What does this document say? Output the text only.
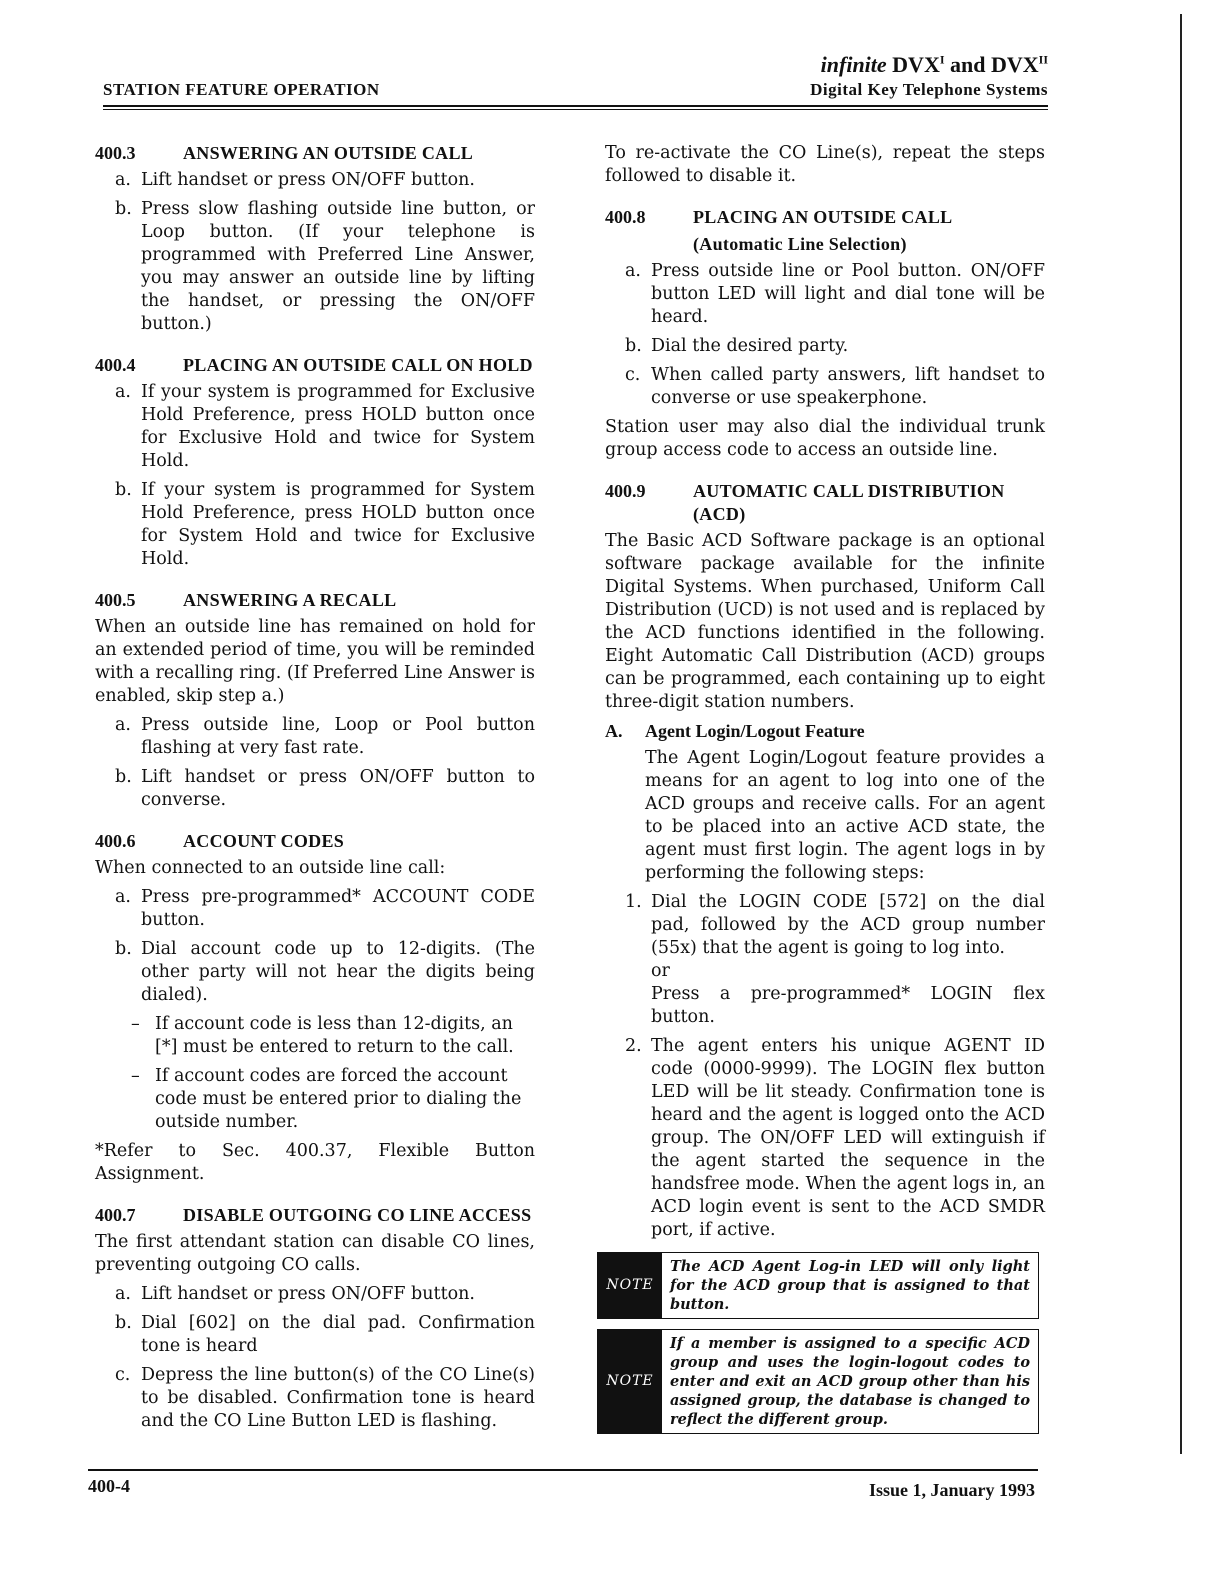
STATION FEATURE OPERATION
infinite $DVX^I$ and $DVX^{II}$
Digital Key Telephone Systems
400.3	ANSWERING AN OUTSIDE CALL
a. Lift handset or press ON/OFF button.
b. Press slow flashing outside line button, or Loop button. (If your telephone is programmed with Preferred Line Answer, you may answer an outside line by lifting the handset, or pressing the ON/OFF button.)
400.4	PLACING AN OUTSIDE CALL ON HOLD
a. If your system is programmed for Exclusive Hold Preference, press HOLD button once for Exclusive Hold and twice for System Hold.
b. If your system is programmed for System Hold Preference, press HOLD button once for System Hold and twice for Exclusive Hold.
400.5	ANSWERING A RECALL
When an outside line has remained on hold for an extended period of time, you will be reminded with a recalling ring. (If Preferred Line Answer is enabled, skip step a.)
a. Press outside line, Loop or Pool button flashing at very fast rate.
b. Lift handset or press ON/OFF button to converse.
400.6	ACCOUNT CODES
When connected to an outside line call:
a. Press pre-programmed* ACCOUNT CODE button.
b. Dial account code up to 12-digits. (The other party will not hear the digits being dialed).
– If account code is less than 12-digits, an [*] must be entered to return to the call.
– If account codes are forced the account code must be entered prior to dialing the outside number.
*Refer to Sec. 400.37, Flexible Button Assignment.
400.7	DISABLE OUTGOING CO LINE ACCESS
The first attendant station can disable CO lines, preventing outgoing CO calls.
a. Lift handset or press ON/OFF button.
b. Dial [602] on the dial pad. Confirmation tone is heard
c. Depress the line button(s) of the CO Line(s) to be disabled. Confirmation tone is heard and the CO Line Button LED is flashing.
To re-activate the CO Line(s), repeat the steps followed to disable it.
400.8	PLACING AN OUTSIDE CALL
(Automatic Line Selection)
a. Press outside line or Pool button. ON/OFF button LED will light and dial tone will be heard.
b. Dial the desired party.
c. When called party answers, lift handset to converse or use speakerphone.
Station user may also dial the individual trunk group access code to access an outside line.
400.9	AUTOMATIC CALL DISTRIBUTION (ACD)
The Basic ACD Software package is an optional software package available for the infinite Digital Systems. When purchased, Uniform Call Distribution (UCD) is not used and is replaced by the ACD functions identified in the following. Eight Automatic Call Distribution (ACD) groups can be programmed, each containing up to eight three-digit station numbers.
A.	Agent Login/Logout Feature
The Agent Login/Logout feature provides a means for an agent to log into one of the ACD groups and receive calls. For an agent to be placed into an active ACD state, the agent must first login. The agent logs in by performing the following steps:
1. Dial the LOGIN CODE [572] on the dial pad, followed by the ACD group number (55x) that the agent is going to log into.
or
Press a pre-programmed* LOGIN flex button.
2. The agent enters his unique AGENT ID code (0000-9999). The LOGIN flex button LED will be lit steady. Confirmation tone is heard and the agent is logged onto the ACD group. The ON/OFF LED will extinguish if the agent started the sequence in the handsfree mode. When the agent logs in, an ACD login event is sent to the ACD SMDR port, if active.
NOTE
The ACD Agent Log-in LED will only light for the ACD group that is assigned to that button.
NOTE
If a member is assigned to a specific ACD group and uses the login-logout codes to enter and exit an ACD group other than his assigned group, the database is changed to reflect the different group.
400-4	Issue 1, January 1993
